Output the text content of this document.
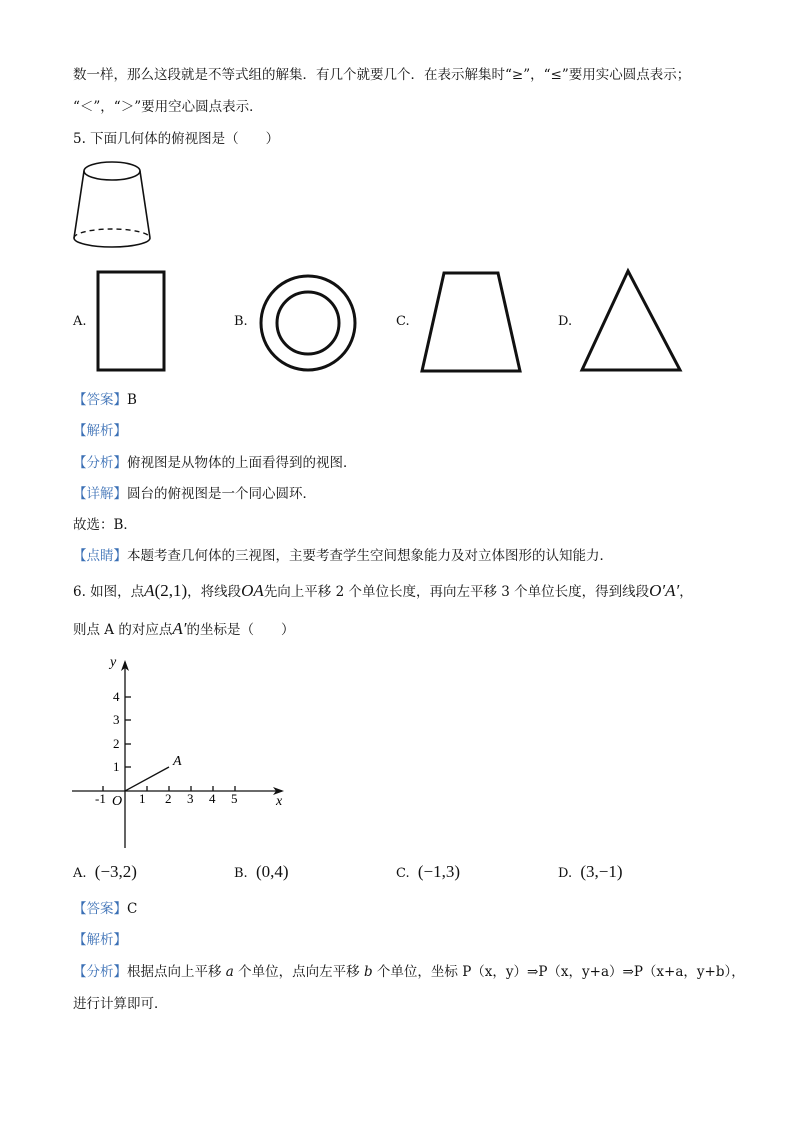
数一样，那么这段就是不等式组的解集．有几个就要几个．在表示解集时“≥”，“≤”要用实心圆点表示；
“＜”，“＞”要用空心圆点表示．
5. 下面几何体的俯视图是（　　）
A.	B.	C.	D.
【答案】B
【解析】
【分析】俯视图是从物体的上面看得到的视图．
【详解】圆台的俯视图是一个同心圆环．
故选：B．
【点睛】本题考查几何体的三视图，主要考查学生空间想象能力及对立体图形的认知能力．
6. 如图，点A(2,1)，将线段OA先向上平移 2 个单位长度，再向左平移 3 个单位长度，得到线段O′A′，
则点 A 的对应点A′的坐标是（　　）
y
x
O
A
-1	1 2 3 4 5
1
2
3
4
A. (−3,2)	B. (0,4)	C. (−1,3)	D. (3,−1)
【答案】C
【解析】
【分析】根据点向上平移 a 个单位，点向左平移 b 个单位，坐标 P（x，y）⇒P（x，y+a）⇒P（x+a，y+b），
进行计算即可．
